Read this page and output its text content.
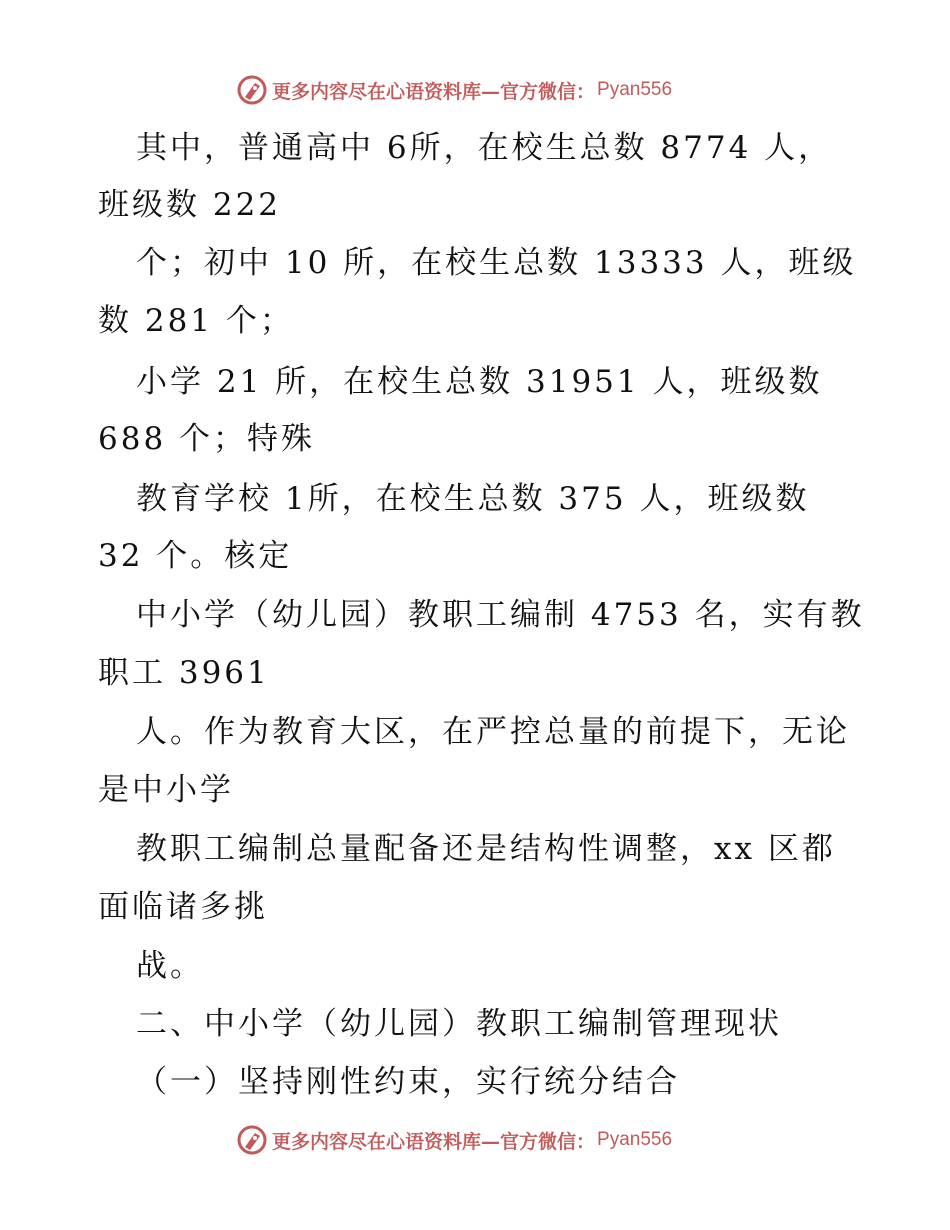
更多内容尽在心语资料库—官方微信： Pyan556
其中，普通高中 6所，在校生总数 8774 人，
班级数 222
个；初中 10 所，在校生总数 13333 人，班级
数 281 个；
小学 21 所，在校生总数 31951 人，班级数
688 个；特殊
教育学校 1所，在校生总数 375 人，班级数
32 个。核定
中小学（幼儿园）教职工编制 4753 名，实有教
职工 3961
人。作为教育大区，在严控总量的前提下，无论
是中小学
教职工编制总量配备还是结构性调整，xx 区都
面临诸多挑
战。
二、中小学（幼儿园）教职工编制管理现状
（一）坚持刚性约束，实行统分结合
更多内容尽在心语资料库—官方微信： Pyan556
